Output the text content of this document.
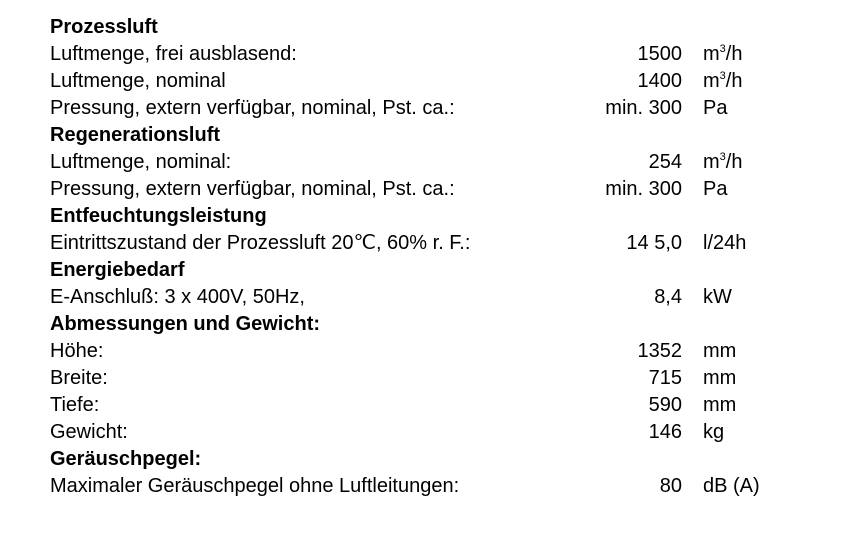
Prozessluft
Luftmenge, frei ausblasend:	1500 $m^3/h$
Luftmenge, nominal	1400 $m^3/h$
Pressung, extern verfügbar, nominal, Pst. ca.:	min. 300 Pa
Regenerationsluft
Luftmenge, nominal:	254 $m^3/h$
Pressung, extern verfügbar, nominal, Pst. ca.:	min. 300 Pa
Entfeuchtungsleistung
Eintrittszustand der Prozessluft 20℃, 60% r. F.:	14 5,0 l/24h
Energiebedarf
E-Anschluß: 3 x 400V, 50Hz,	8,4 kW
Abmessungen und Gewicht:
Höhe:	1352 mm
Breite:	715 mm
Tiefe:	590 mm
Gewicht:	146 kg
Geräuschpegel:
Maximaler Geräuschpegel ohne Luftleitungen:	80 dB (A)
